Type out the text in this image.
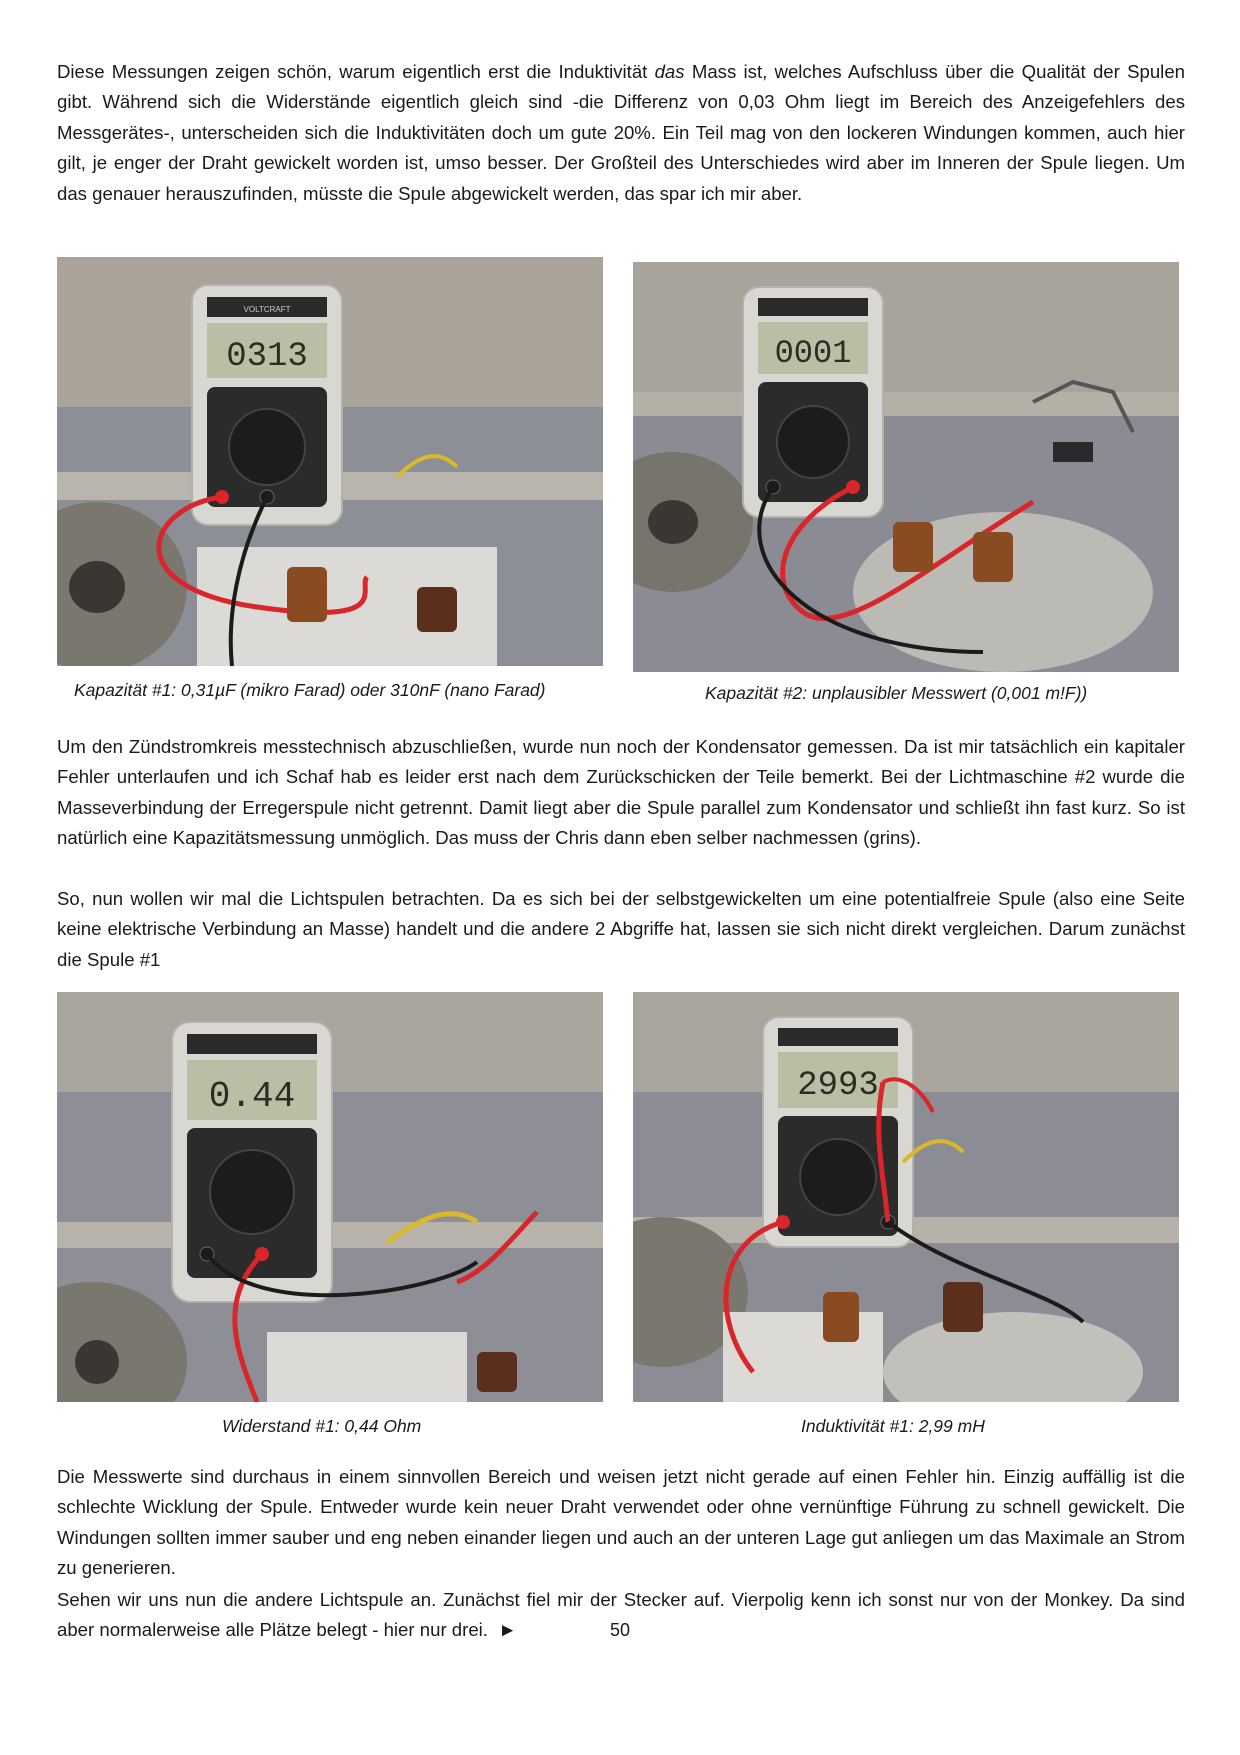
Diese Messungen zeigen schön, warum eigentlich erst die Induktivität das Mass ist, welches Aufschluss über die Qualität der Spulen gibt. Während sich die Widerstände eigentlich gleich sind -die Differenz von 0,03 Ohm liegt im Bereich des Anzeigefehlers des Messgerätes-, unterscheiden sich die Induktivitäten doch um gute 20%. Ein Teil mag von den lockeren Windungen kommen, auch hier gilt, je enger der Draht gewickelt worden ist, umso besser. Der Großteil des Unterschiedes wird aber im Inneren der Spule liegen. Um das genauer herauszufinden, müsste die Spule abgewickelt werden, das spar ich mir aber.

VOLTCRAFT
0313

Kapazität #1: 0,31µF (mikro Farad) oder 310nF (nano Farad)

0001

Kapazität #2: unplausibler Messwert (0,001 m!F))

Um den Zündstromkreis messtechnisch abzuschließen, wurde nun noch der Kondensator gemessen. Da ist mir tatsächlich ein kapitaler Fehler unterlaufen und ich Schaf hab es leider erst nach dem Zurückschicken der Teile bemerkt. Bei der Lichtmaschine #2 wurde die Masseverbindung der Erregerspule nicht getrennt. Damit liegt aber die Spule parallel zum Kondensator und schließt ihn fast kurz. So ist natürlich eine Kapazitätsmessung unmöglich. Das muss der Chris dann eben selber nachmessen (grins).

So, nun wollen wir mal die Lichtspulen betrachten. Da es sich bei der selbstgewickelten um eine potentialfreie Spule (also eine Seite keine elektrische Verbindung an Masse) handelt und die andere 2 Abgriffe hat, lassen sie sich nicht direkt vergleichen. Darum zunächst die Spule #1

0.44

Widerstand #1: 0,44 Ohm

2993

Induktivität #1: 2,99 mH

Die Messwerte sind durchaus in einem sinnvollen Bereich und weisen jetzt nicht gerade auf einen Fehler hin. Einzig auffällig ist die schlechte Wicklung der Spule. Entweder wurde kein neuer Draht verwendet oder ohne vernünftige Führung zu schnell gewickelt. Die Windungen sollten immer sauber und eng neben einander liegen und auch an der unteren Lage gut anliegen um das Maximale an Strom zu generieren.

Sehen wir uns nun die andere Lichtspule an. Zunächst fiel mir der Stecker auf. Vierpolig kenn ich sonst nur von der Monkey. Da sind aber normalerweise alle Plätze belegt - hier nur drei. ►	50
